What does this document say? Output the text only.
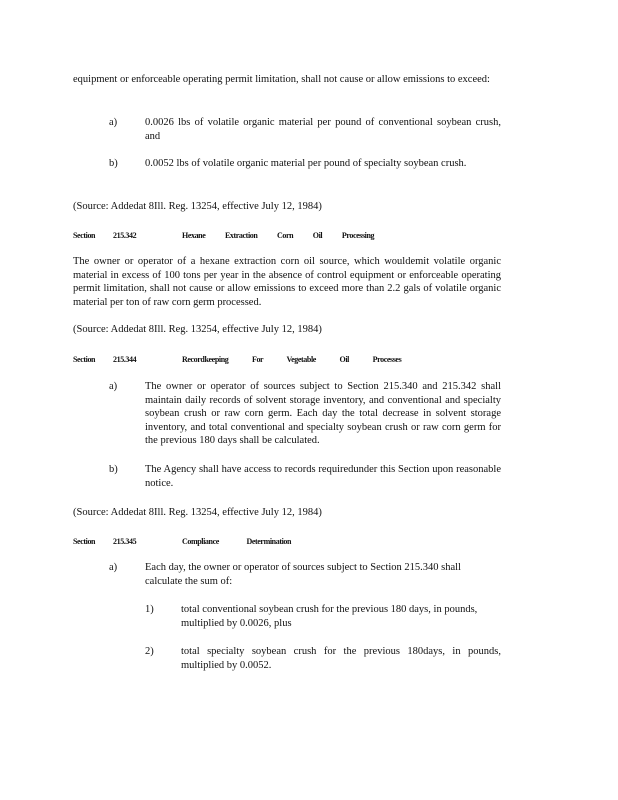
equipment or enforceable operating permit limitation, shall not cause or allow emissions to exceed:

a)	0.0026 lbs of volatile organic material per pound of conventional soybean crush, and

b)	0.0052 lbs of volatile organic material per pound of specialty soybean crush.

(Source: Addedat 8Ill. Reg. 13254, effective July 12, 1984)

Section 215.342	Hexane Extraction Corn Oil Processing

The owner or operator of a hexane extraction corn oil source, which wouldemit volatile organic material in excess of 100 tons per year in the absence of control equipment or enforceable operating permit limitation, shall not cause or allow emissions to exceed more than 2.2 gals of volatile organic material per ton of raw corn germ processed.

(Source: Addedat 8Ill. Reg. 13254, effective July 12, 1984)

Section 215.344	Recordkeeping For Vegetable Oil Processes
a)	The owner or operator of sources subject to Section 215.340 and 215.342 shall maintain daily records of solvent storage inventory, and conventional and specialty soybean crush or raw corn germ. Each day the total decrease in solvent storage inventory, and total conventional and specialty soybean crush or raw corn germ for the previous 180 days shall be calculated.

b)	The Agency shall have access to records requiredunder this Section upon reasonable notice.

(Source: Addedat 8Ill. Reg. 13254, effective July 12, 1984)

Section 215.345	Compliance Determination
a)	Each day, the owner or operator of sources subject to Section 215.340 shall calculate the sum of:

1)	total conventional soybean crush for the previous 180 days, in pounds, multiplied by 0.0026, plus

2)	total specialty soybean crush for the previous 180days, in pounds, multiplied by 0.0052.
